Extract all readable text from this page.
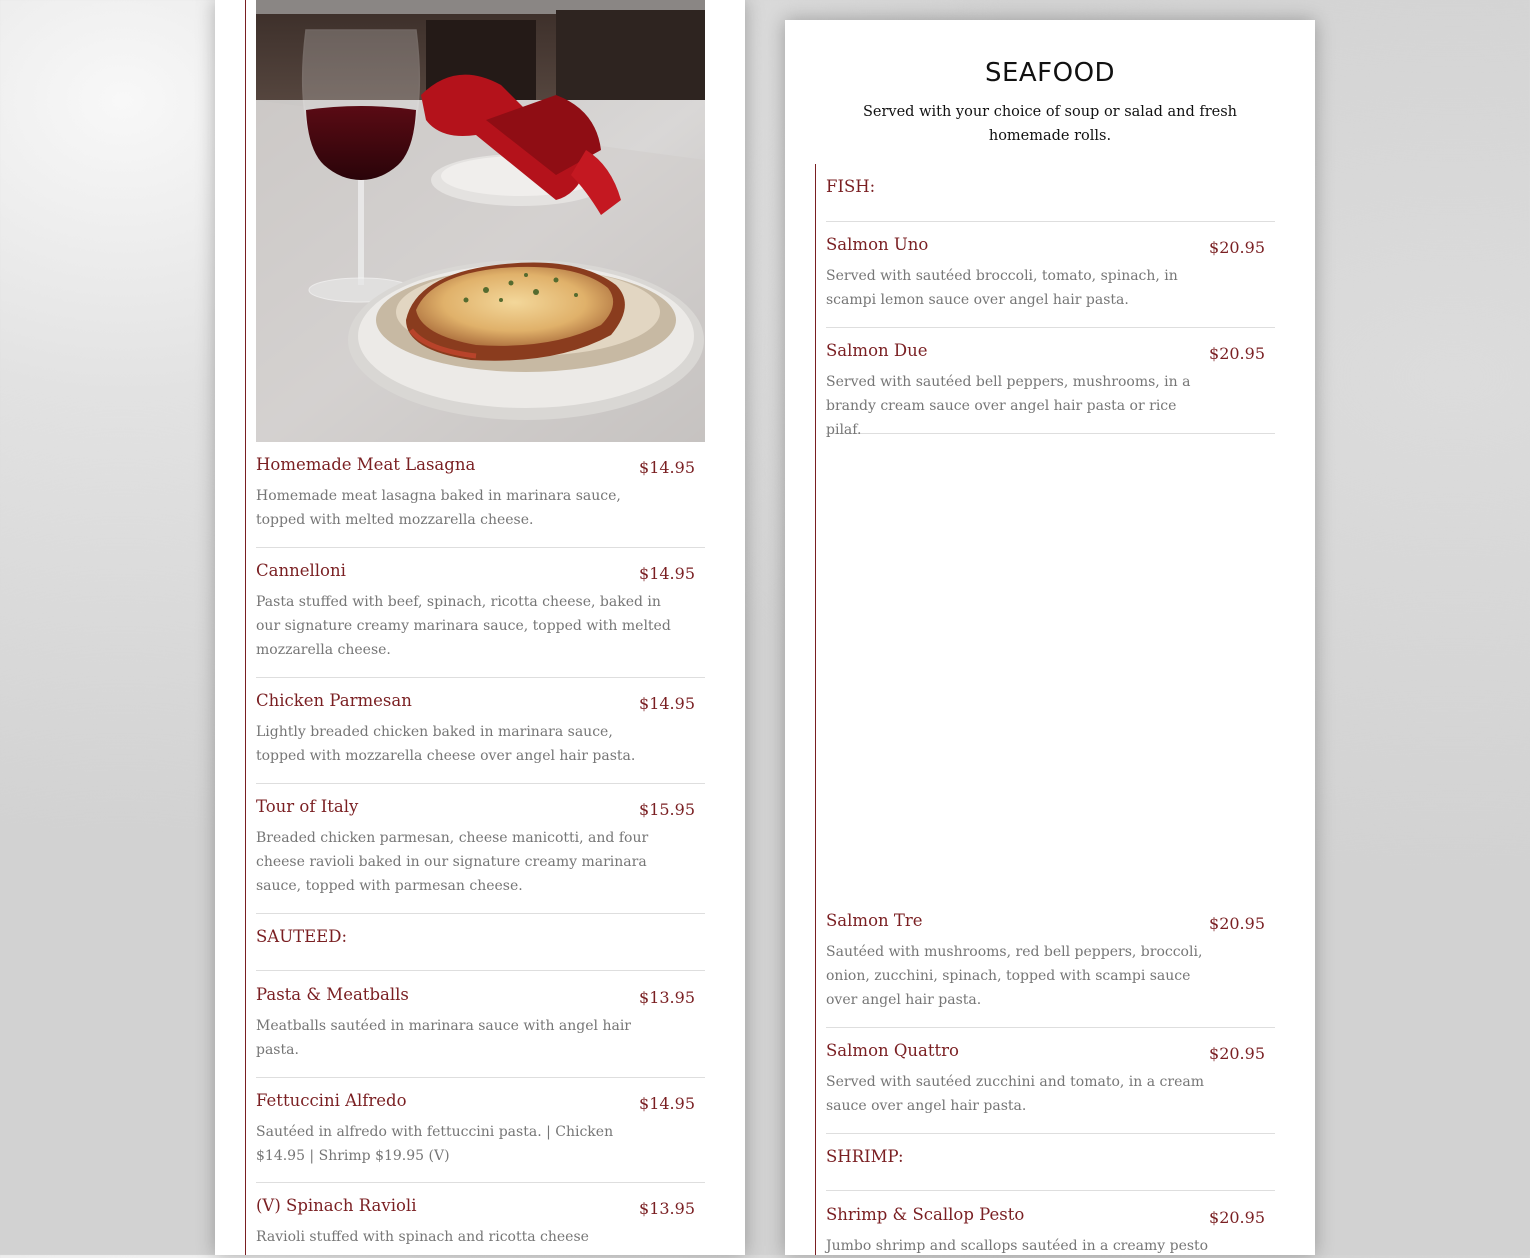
Homemade Meat Lasagna	$14.95
Homemade meat lasagna baked in marinara sauce, topped with melted mozzarella cheese.
Cannelloni	$14.95
Pasta stuffed with beef, spinach, ricotta cheese, baked in our signature creamy marinara sauce, topped with melted mozzarella cheese.
Chicken Parmesan	$14.95
Lightly breaded chicken baked in marinara sauce, topped with mozzarella cheese over angel hair pasta.
Tour of Italy	$15.95
Breaded chicken parmesan, cheese manicotti, and four cheese ravioli baked in our signature creamy marinara sauce, topped with parmesan cheese.
SAUTEED:
Pasta & Meatballs	$13.95
Meatballs sautéed in marinara sauce with angel hair pasta.
Fettuccini Alfredo	$14.95
Sautéed in alfredo with fettuccini pasta. | Chicken $14.95 | Shrimp $19.95 (V)
(V) Spinach Ravioli	$13.95
Ravioli stuffed with spinach and ricotta cheese
SEAFOOD
Served with your choice of soup or salad and fresh homemade rolls.
FISH:
Salmon Uno	$20.95
Served with sautéed broccoli, tomato, spinach, in scampi lemon sauce over angel hair pasta.
Salmon Due	$20.95
Served with sautéed bell peppers, mushrooms, in a brandy cream sauce over angel hair pasta or rice pilaf.
Salmon Tre	$20.95
Sautéed with mushrooms, red bell peppers, broccoli, onion, zucchini, spinach, topped with scampi sauce over angel hair pasta.
Salmon Quattro	$20.95
Served with sautéed zucchini and tomato, in a cream sauce over angel hair pasta.
SHRIMP:
Shrimp & Scallop Pesto	$20.95
Jumbo shrimp and scallops sautéed in a creamy pesto
